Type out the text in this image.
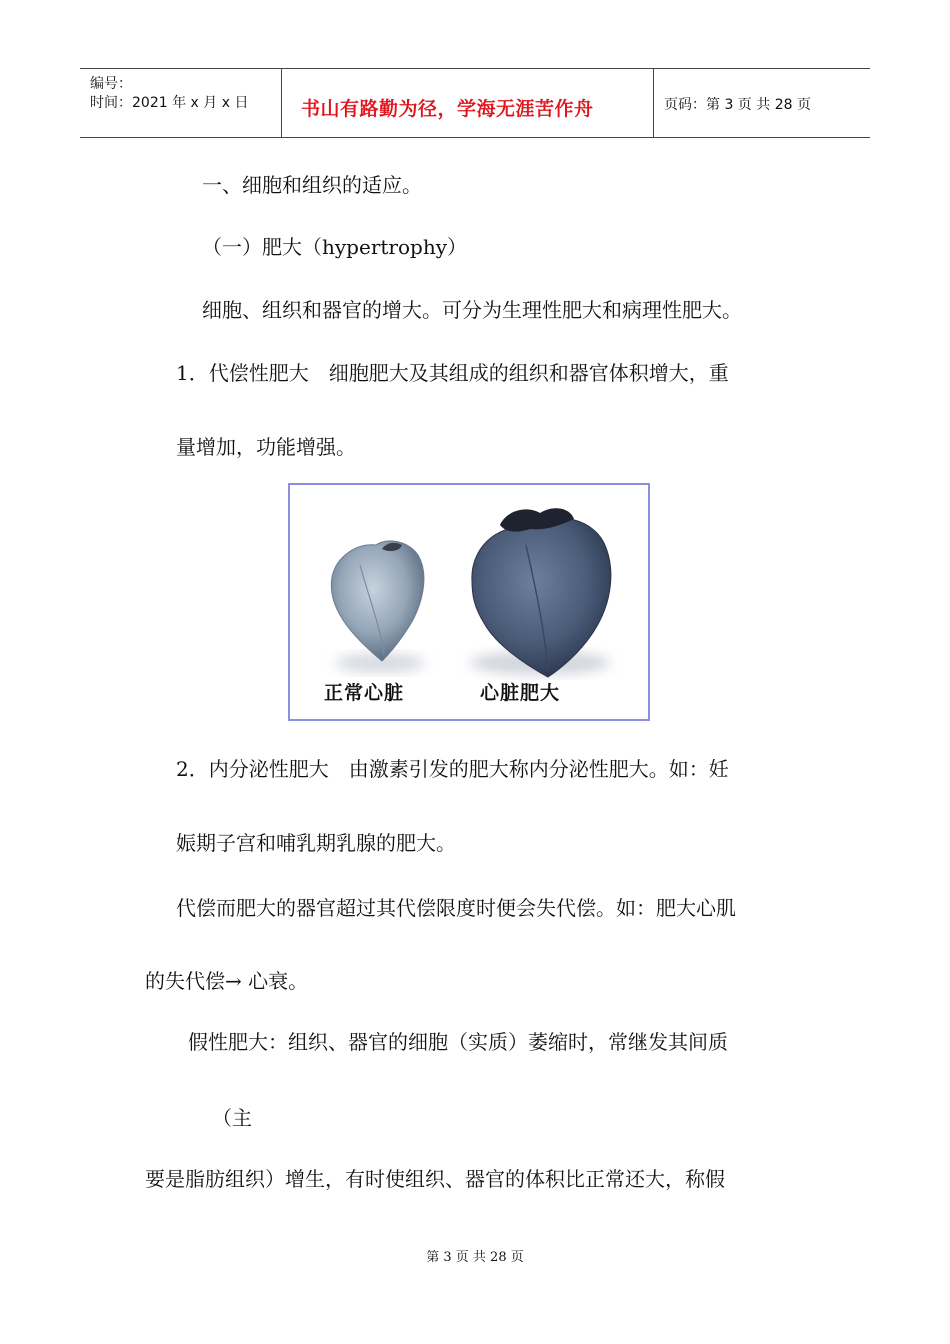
编号：
时间：2021 年 x 月 x 日	书山有路勤为径，学海无涯苦作舟	页码：第 3 页 共 28 页
一、细胞和组织的适应。
（一）肥大（hypertrophy）
细胞、组织和器官的增大。可分为生理性肥大和病理性肥大。
1．代偿性肥大　细胞肥大及其组成的组织和器官体积增大，重
量增加，功能增强。
正常心脏	心脏肥大
2．内分泌性肥大　由激素引发的肥大称内分泌性肥大。如：妊
娠期子宫和哺乳期乳腺的肥大。
代偿而肥大的器官超过其代偿限度时便会失代偿。如：肥大心肌
的失代偿→ 心衰。
假性肥大：组织、器官的细胞（实质）萎缩时，常继发其间质
（主
要是脂肪组织）增生，有时使组织、器官的体积比正常还大，称假
第 3 页 共 28 页
